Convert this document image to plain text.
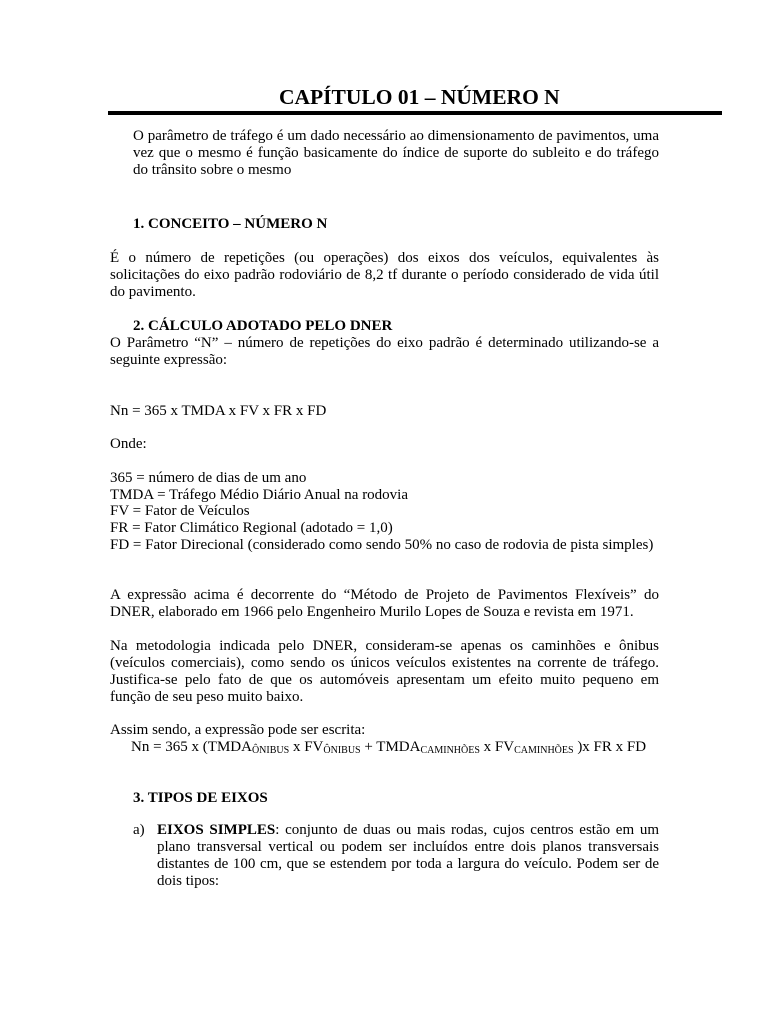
CAPÍTULO 01 – NÚMERO N
O parâmetro de tráfego é um dado necessário ao dimensionamento de pavimentos, uma vez que o mesmo é função basicamente do índice de suporte do subleito e do tráfego do trânsito sobre o mesmo
1. CONCEITO – NÚMERO N
É o número de repetições (ou operações) dos eixos dos veículos, equivalentes às solicitações do eixo padrão rodoviário de 8,2 tf durante o período considerado de vida útil do pavimento.
2. CÁLCULO ADOTADO PELO DNER
O Parâmetro “N” – número de repetições do eixo padrão é determinado utilizando-se a seguinte expressão:
Nn = 365 x TMDA x FV x FR x FD
Onde:
365 = número de dias de um ano
TMDA = Tráfego Médio Diário Anual na rodovia
FV = Fator de Veículos
FR = Fator Climático Regional (adotado = 1,0)
FD = Fator Direcional (considerado como sendo 50% no caso de rodovia de pista simples)
A expressão acima é decorrente do “Método de Projeto de Pavimentos Flexíveis” do DNER, elaborado em 1966 pelo Engenheiro Murilo Lopes de Souza e revista em 1971.
Na metodologia indicada pelo DNER, consideram-se apenas os caminhões e ônibus (veículos comerciais), como sendo os únicos veículos existentes na corrente de tráfego. Justifica-se pelo fato de que os automóveis apresentam um efeito muito pequeno em função de seu peso muito baixo.
Assim sendo, a expressão pode ser escrita:
Nn = 365 x ($TMDA_{ÔNIBUS}$ x $FV_{ÔNIBUS}$ + $TMDA_{CAMINHÕES}$ x $FV_{CAMINHÕES}$ )x FR x FD
3. TIPOS DE EIXOS
a) EIXOS SIMPLES: conjunto de duas ou mais rodas, cujos centros estão em um plano transversal vertical ou podem ser incluídos entre dois planos transversais distantes de 100 cm, que se estendem por toda a largura do veículo. Podem ser de dois tipos:
